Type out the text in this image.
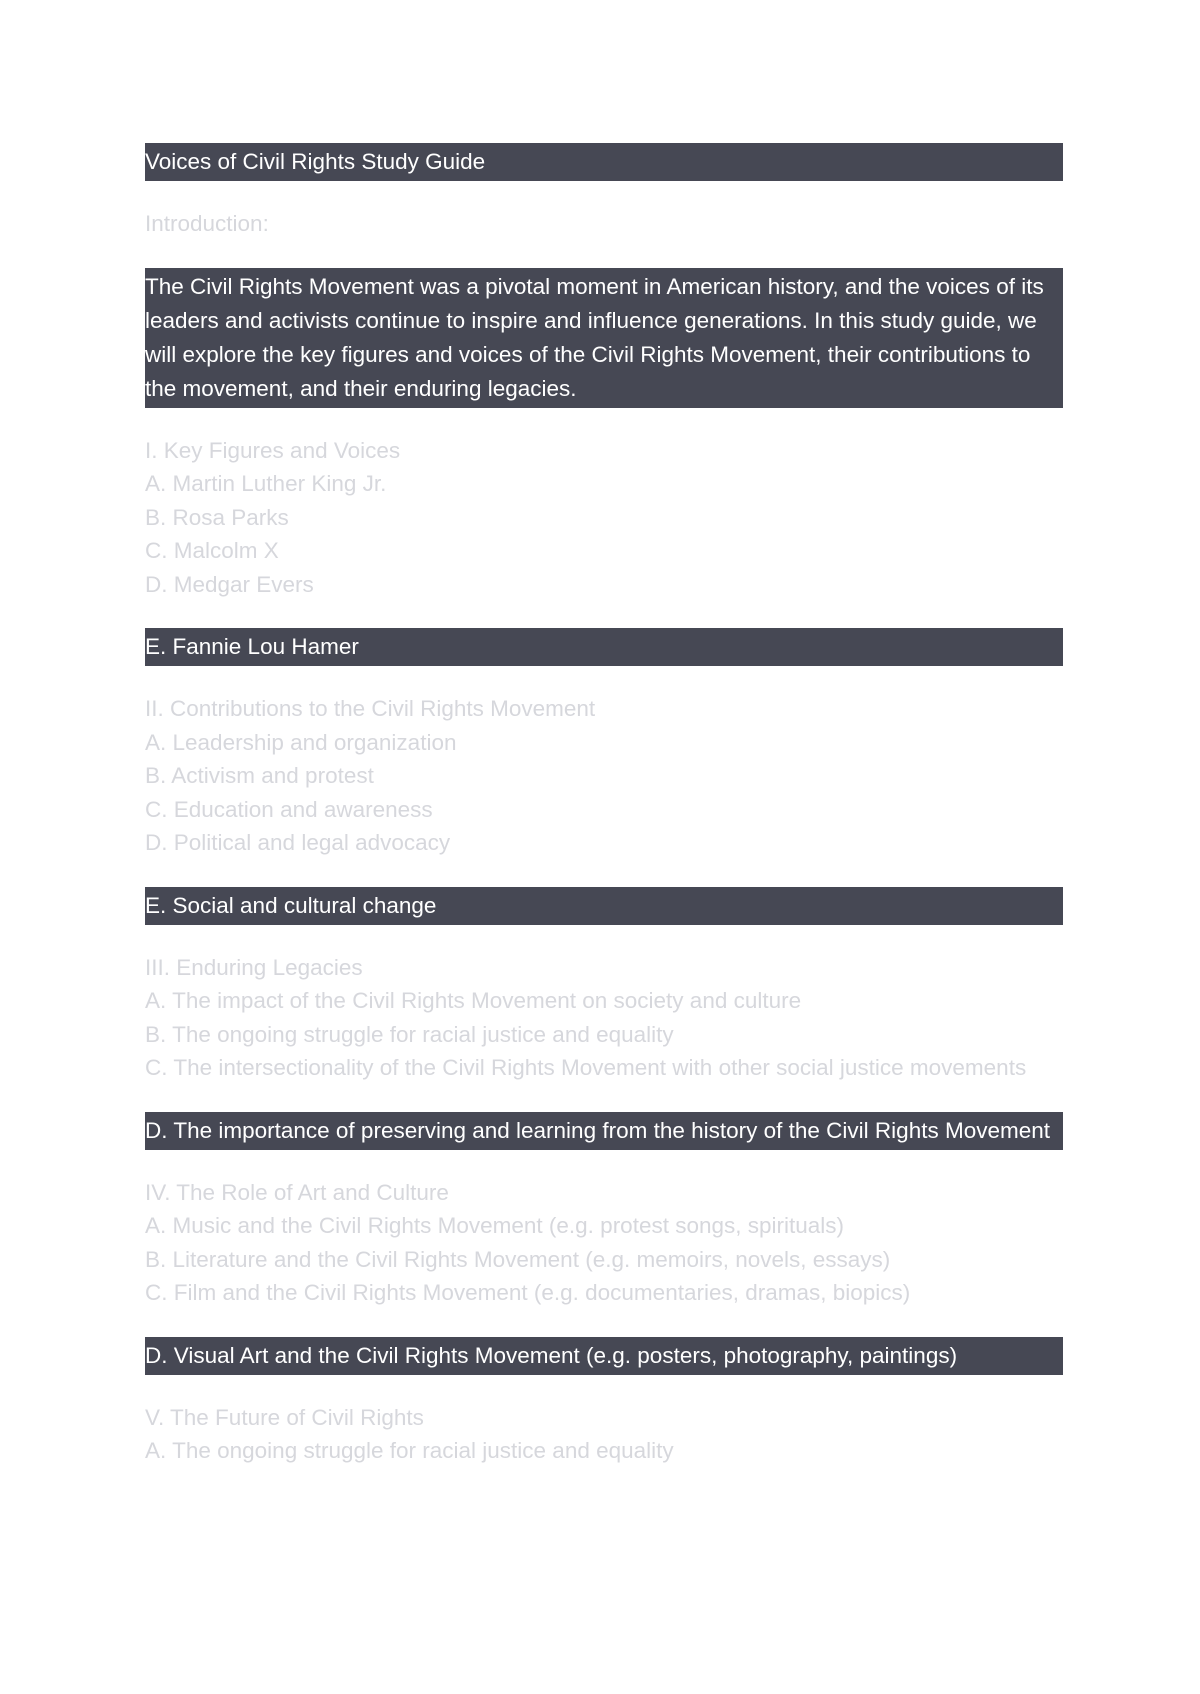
Voices of Civil Rights Study Guide
Introduction:
The Civil Rights Movement was a pivotal moment in American history, and the voices of its leaders and activists continue to inspire and influence generations. In this study guide, we will explore the key figures and voices of the Civil Rights Movement, their contributions to the movement, and their enduring legacies.

I. Key Figures and Voices

A. Martin Luther King Jr.

B. Rosa Parks

C. Malcolm X

D. Medgar Evers

E. Fannie Lou Hamer

II. Contributions to the Civil Rights Movement

A. Leadership and organization

B. Activism and protest

C. Education and awareness

D. Political and legal advocacy

E. Social and cultural change

III. Enduring Legacies

A. The impact of the Civil Rights Movement on society and culture

B. The ongoing struggle for racial justice and equality

C. The intersectionality of the Civil Rights Movement with other social justice movements

D. The importance of preserving and learning from the history of the Civil Rights Movement

IV. The Role of Art and Culture

A. Music and the Civil Rights Movement (e.g. protest songs, spirituals)

B. Literature and the Civil Rights Movement (e.g. memoirs, novels, essays)

C. Film and the Civil Rights Movement (e.g. documentaries, dramas, biopics)

D. Visual Art and the Civil Rights Movement (e.g. posters, photography, paintings)

V. The Future of Civil Rights

A. The ongoing struggle for racial justice and equality
